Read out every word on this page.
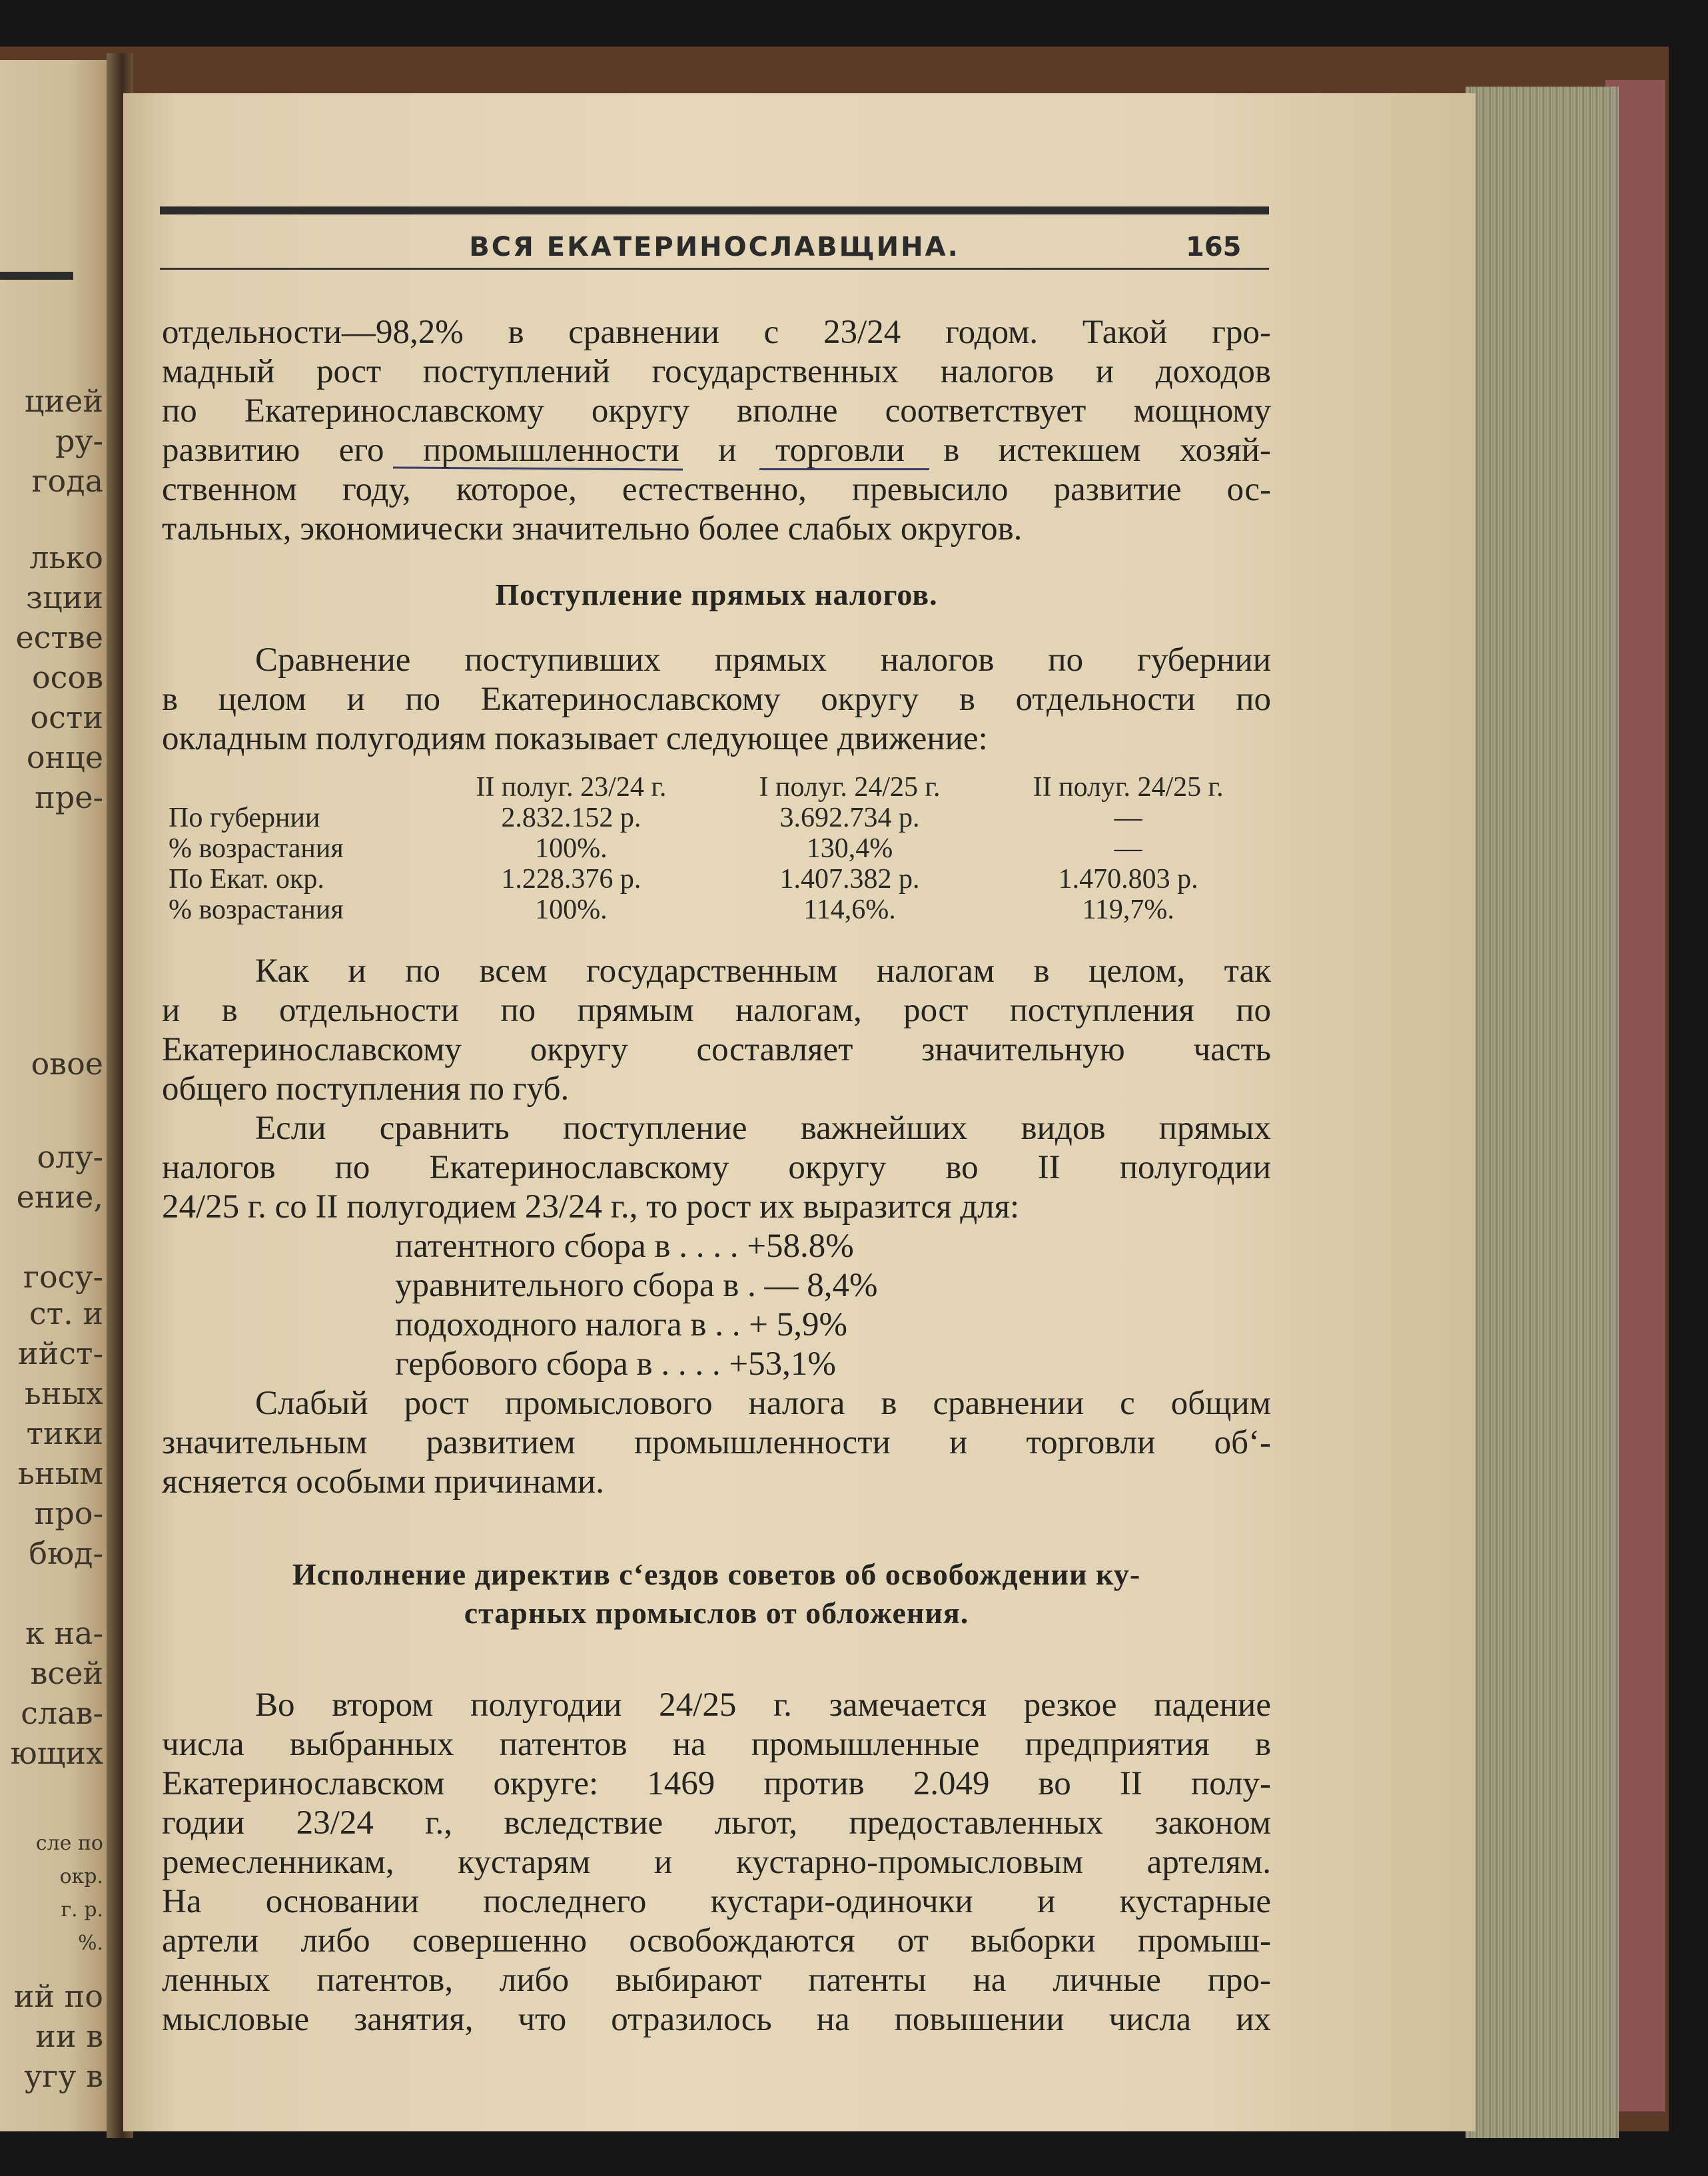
цией
ру-
года
лько
зции
естве
осов
ости
онце
пре-
овое
олу-
ение,
госу-
ст. и
ийст-
ьных
тики
ьным
про-
бюд-
к на-
всей
слав-
ющих
сле по
окр.
г. р.
%.
ий по
ии в
угу в
ВСЯ ЕКАТЕРИНОСЛАВЩИНА.	165
отдельности—98,2% в сравнении с 23/24 годом. Такой гро-
мадный рост поступлений государственных налогов и доходов
по Екатеринославскому округу вполне соответствует мощному
развитию его промышленности и торговли в истекшем хозяй-
ственном году, которое, естественно, превысило развитие ос-
тальных, экономически значительно более слабых округов.
Поступление прямых налогов.
Сравнение поступивших прямых налогов по губернии
в целом и по Екатеринославскому округу в отдельности по
окладным полугодиям показывает следующее движение:
	II полуг. 23/24 г.	I полуг. 24/25 г.	II полуг. 24/25 г.
По губернии	2.832.152 р.	3.692.734 р.	—
% возрастания	100%.	130,4%	—
По Екат. окр.	1.228.376 р.	1.407.382 р.	1.470.803 р.
% возрастания	100%.	114,6%.	119,7%.
Как и по всем государственным налогам в целом, так
и в отдельности по прямым налогам, рост поступления по
Екатеринославскому округу составляет значительную часть
общего поступления по губ.
Если сравнить поступление важнейших видов прямых
налогов по Екатеринославскому округу во II полугодии
24/25 г. со II полугодием 23/24 г., то рост их выразится для:
патентного сбора в . . . . +58.8%
уравнительного сбора в . — 8,4%
подоходного налога в . . + 5,9%
гербового сбора в . . . . +53,1%
Слабый рост промыслового налога в сравнении с общим
значительным развитием промышленности и торговли об‘-
ясняется особыми причинами.
Исполнение директив с‘ездов советов об освобождении ку-
старных промыслов от обложения.
Во втором полугодии 24/25 г. замечается резкое падение
числа выбранных патентов на промышленные предприятия в
Екатеринославском округе: 1469 против 2.049 во II полу-
годии 23/24 г., вследствие льгот, предоставленных законом
ремесленникам, кустарям и кустарно-промысловым артелям.
На основании последнего кустари-одиночки и кустарные
артели либо совершенно освобождаются от выборки промыш-
ленных патентов, либо выбирают патенты на личные про-
мысловые занятия, что отразилось на повышении числа их
